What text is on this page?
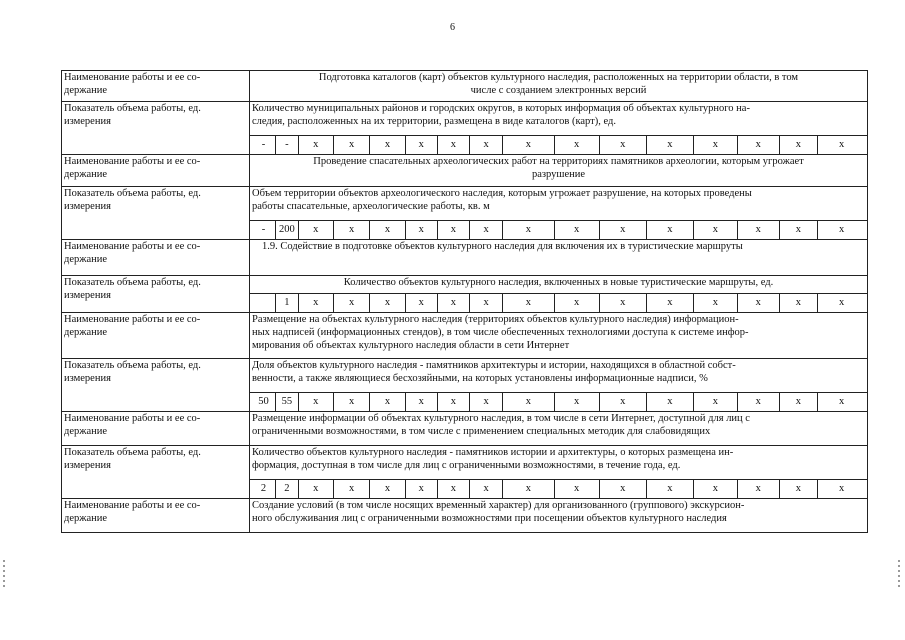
6
Наименование работы и ее со-
держание	Подготовка каталогов (карт) объектов культурного наследия, расположенных на территории области, в том
числе с созданием электронных версий
Показатель объема работы, ед.
измерения	Количество муниципальных районов и городских округов, в которых информация об объектах культурного на-
следия, расположенных на их территории, размещена в виде каталогов (карт), ед.

-	-	x	x	x	x	x	x	x	x	x	x	x	x	x	x

Наименование работы и ее со-
держание	Проведение спасательных археологических работ на территориях памятников археологии, которым угрожает
разрушение
Показатель объема работы, ед.
измерения	Объем территории объектов археологического наследия, которым угрожает разрушение, на которых проведены
работы спасательные, археологические работы, кв. м

-	200	x	x	x	x	x	x	x	x	x	x	x	x	x	x

Наименование работы и ее со-
держание	1.9. Содействие в подготовке объектов культурного наследия для включения их в туристические маршруты
Показатель объема работы, ед.
измерения	Количество объектов культурного наследия, включенных в новые туристические маршруты, ед.

	1	x	x	x	x	x	x	x	x	x	x	x	x	x	x

Наименование работы и ее со-
держание	Размещение на объектах культурного наследия (территориях объектов культурного наследия) информацион-
ных надписей (информационных стендов), в том числе обеспеченных технологиями доступа к системе инфор-
мирования об объектах культурного наследия области в сети Интернет
Показатель объема работы, ед.
измерения	Доля объектов культурного наследия - памятников архитектуры и истории, находящихся в областной собст-
венности, а также являющиеся бесхозяйными, на которых установлены информационные надписи, %

50	55	x	x	x	x	x	x	x	x	x	x	x	x	x	x

Наименование работы и ее со-
держание	Размещение информации об объектах культурного наследия, в том числе в сети Интернет, доступной для лиц с
ограниченными возможностями, в том числе с применением специальных методик для слабовидящих
Показатель объема работы, ед.
измерения	Количество объектов культурного наследия - памятников истории и архитектуры, о которых размещена ин-
формация, доступная в том числе для лиц с ограниченными возможностями, в течение года, ед.

2	2	x	x	x	x	x	x	x	x	x	x	x	x	x	x

Наименование работы и ее со-
держание	Создание условий (в том числе носящих временный характер) для организованного (группового) экскурсион-
ного обслуживания лиц с ограниченными возможностями при посещении объектов культурного наследия
